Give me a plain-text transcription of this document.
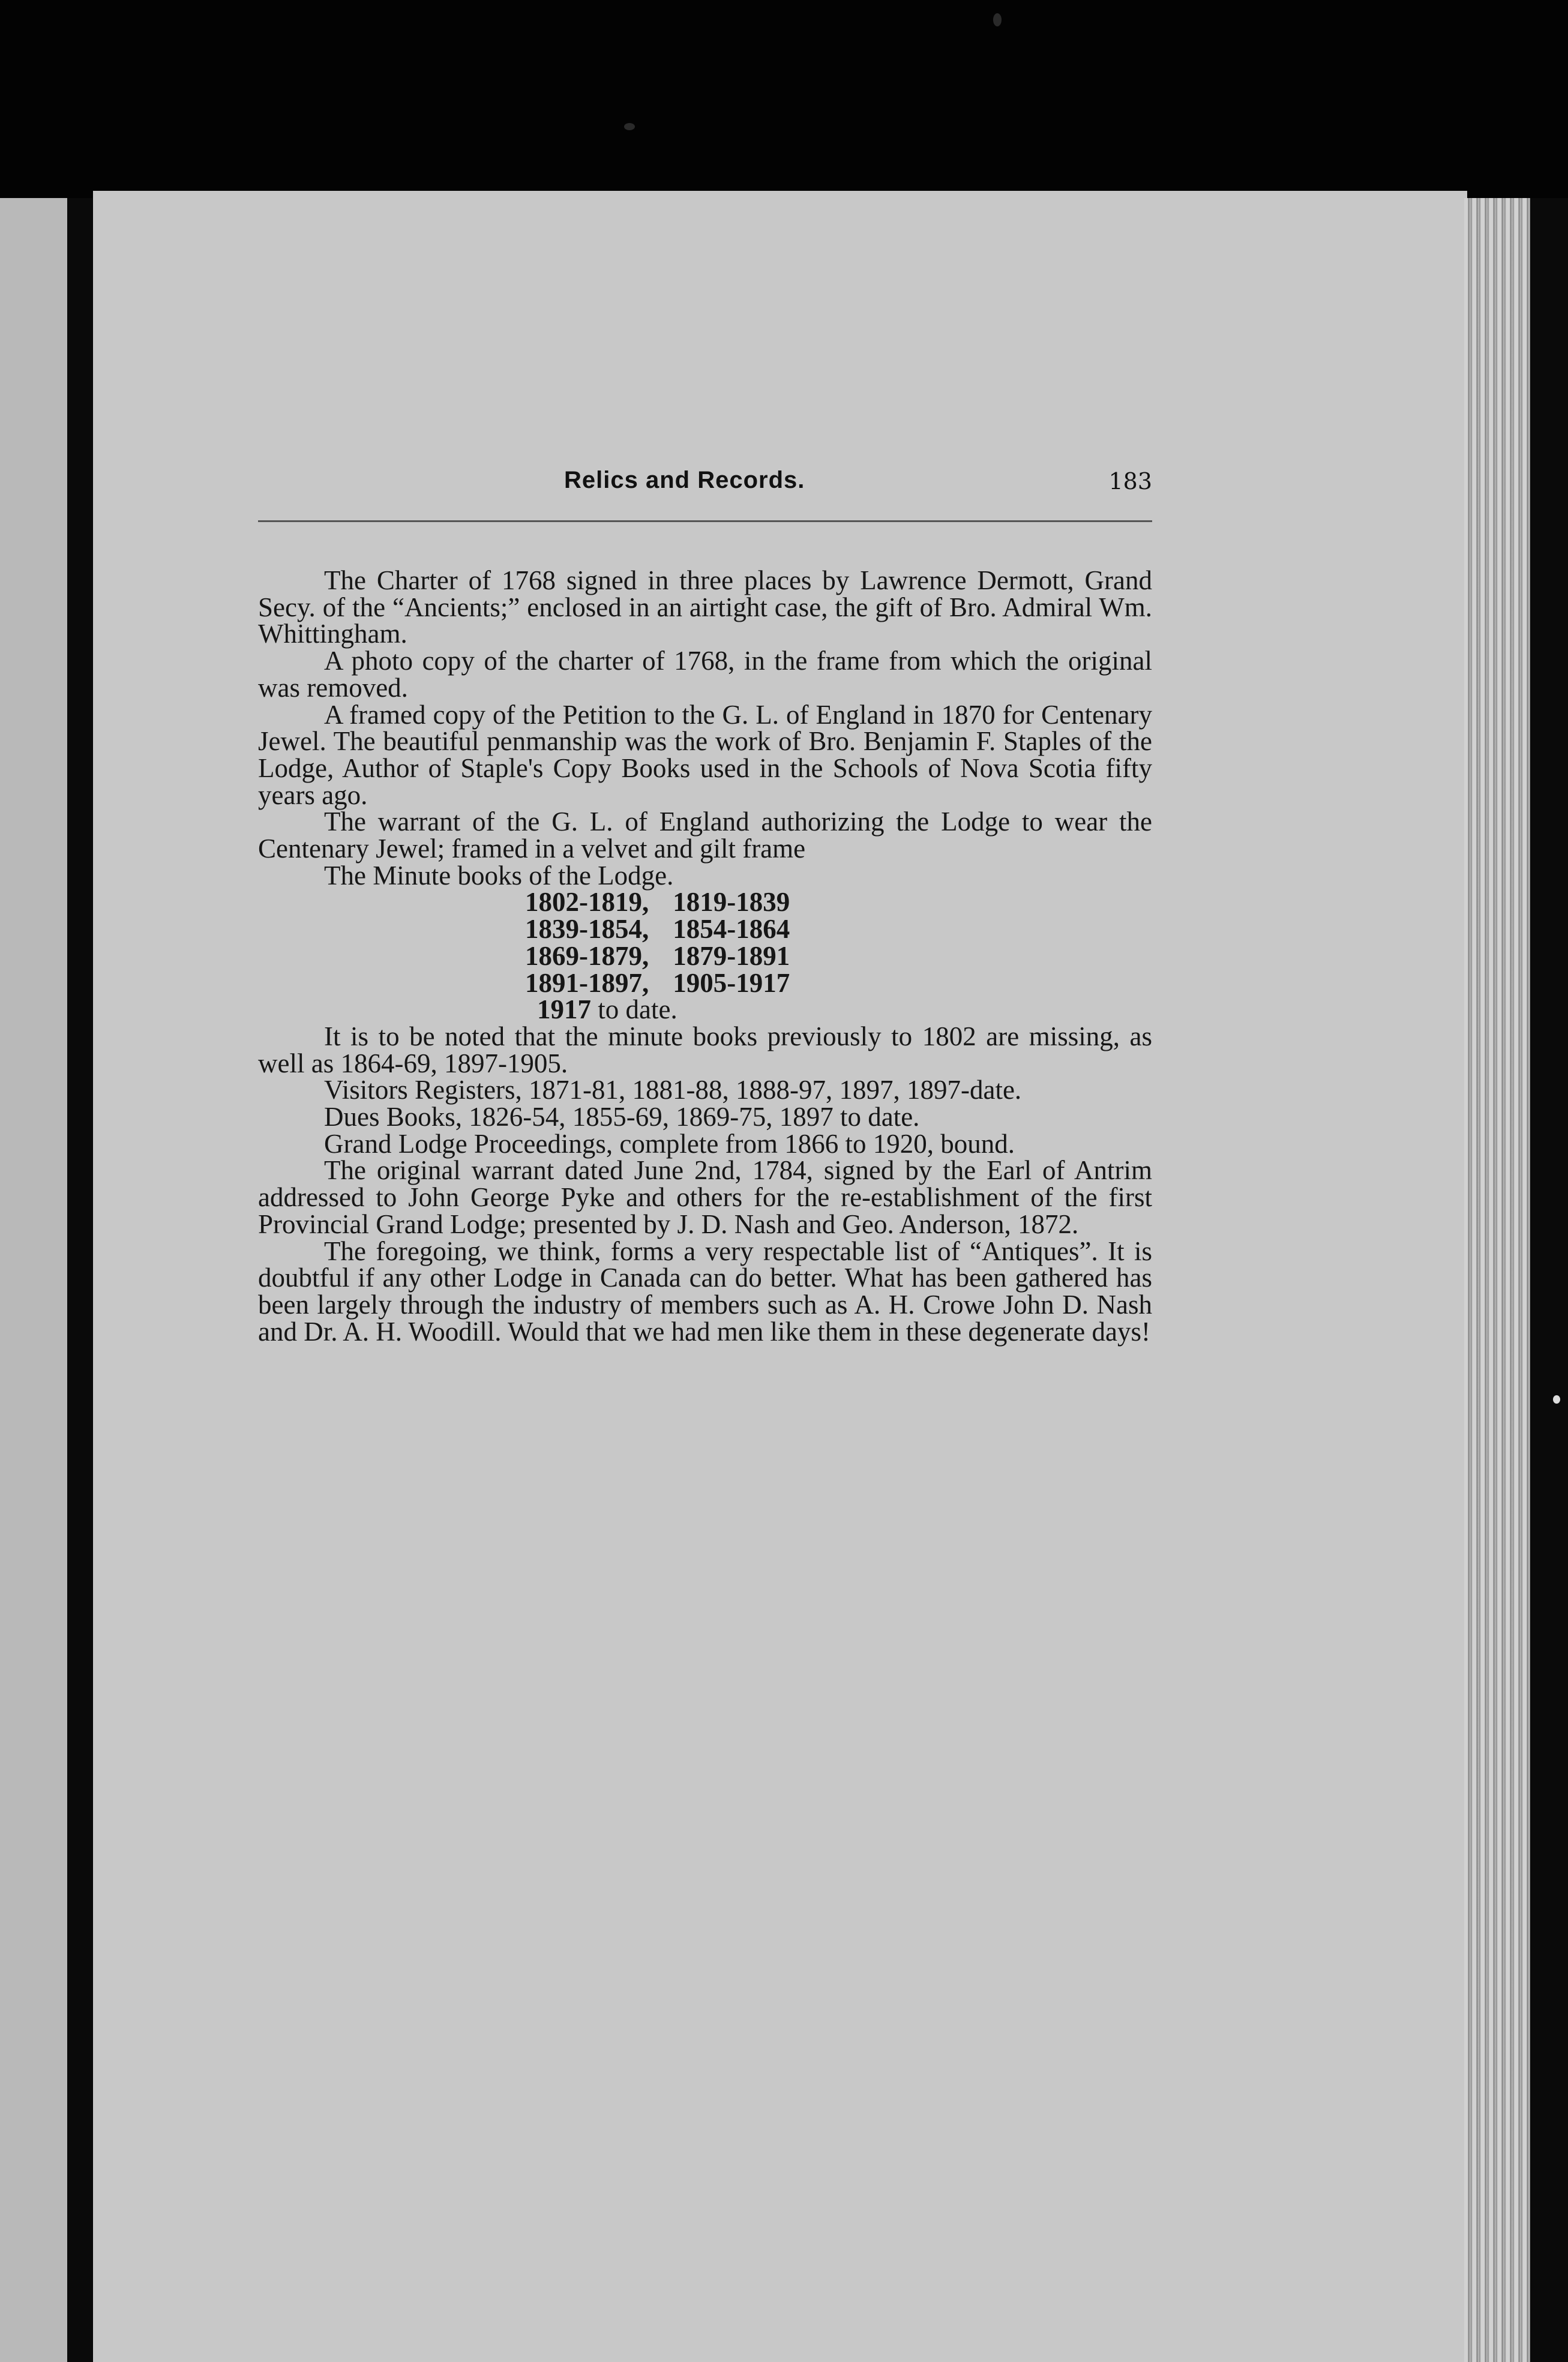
Relics and Records.	183

The Charter of 1768 signed in three places by Lawrence Dermott, Grand Secy. of the “Ancients;” enclosed in an airtight case, the gift of Bro. Admiral Wm. Whittingham.

A photo copy of the charter of 1768, in the frame from which the original was removed.

A framed copy of the Petition to the G. L. of England in 1870 for Centenary Jewel. The beautiful penmanship was the work of Bro. Benjamin F. Staples of the Lodge, Author of Staple's Copy Books used in the Schools of Nova Scotia fifty years ago.

The warrant of the G. L. of England authorizing the Lodge to wear the Centenary Jewel; framed in a velvet and gilt frame

The Minute books of the Lodge.

1802-1819,	1819-1839
1839-1854,	1854-1864
1869-1879,	1879-1891
1891-1897,	1905-1917
1917 to date.

It is to be noted that the minute books previously to 1802 are missing, as well as 1864-69, 1897-1905.

Visitors Registers, 1871-81, 1881-88, 1888-97, 1897, 1897-date.

Dues Books, 1826-54, 1855-69, 1869-75, 1897 to date.

Grand Lodge Proceedings, complete from 1866 to 1920, bound.

The original warrant dated June 2nd, 1784, signed by the Earl of Antrim addressed to John George Pyke and others for the re-establishment of the first Provincial Grand Lodge; presented by J. D. Nash and Geo. Anderson, 1872.

The foregoing, we think, forms a very respectable list of “Antiques”. It is doubtful if any other Lodge in Canada can do better. What has been gathered has been largely through the industry of members such as A. H. Crowe John D. Nash and Dr. A. H. Woodill. Would that we had men like them in these degenerate days!
